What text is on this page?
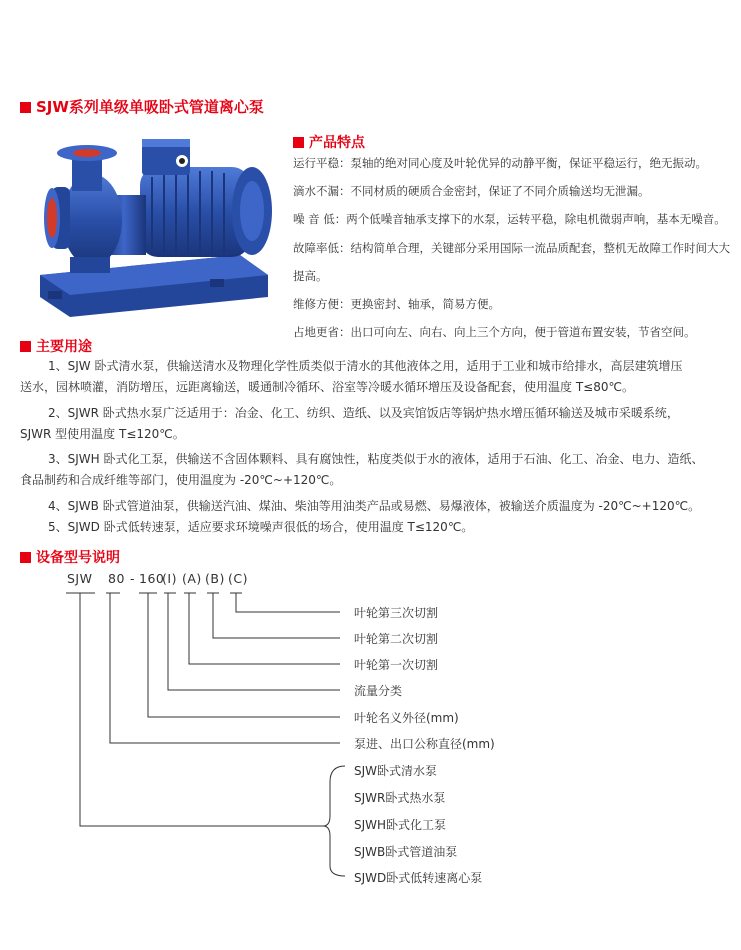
SJW系列单级单吸卧式管道离心泵
产品特点
运行平稳：泵轴的绝对同心度及叶轮优异的动静平衡，保证平稳运行，绝无振动。
滴水不漏：不同材质的硬质合金密封，保证了不同介质输送均无泄漏。
噪 音 低：两个低噪音轴承支撑下的水泵，运转平稳，除电机微弱声响，基本无噪音。
故障率低：结构简单合理，关键部分采用国际一流品质配套，整机无故障工作时间大大
提高。
维修方便：更换密封、轴承，简易方便。
占地更省：出口可向左、向右、向上三个方向，便于管道布置安装，节省空间。
主要用途
1、SJW 卧式清水泵，供输送清水及物理化学性质类似于清水的其他液体之用，适用于工业和城市给排水，高层建筑增压
送水，园林喷灌，消防增压，远距离输送，暖通制冷循环、浴室等冷暖水循环增压及设备配套，使用温度 T≤80℃。
2、SJWR 卧式热水泵广泛适用于：冶金、化工、纺织、造纸、以及宾馆饭店等锅炉热水增压循环输送及城市采暖系统，
SJWR 型使用温度 T≤120℃。
3、SJWH 卧式化工泵，供输送不含固体颗料、具有腐蚀性，粘度类似于水的液体，适用于石油、化工、冶金、电力、造纸、
食品制药和合成纤维等部门，使用温度为 -20℃~+120℃。
4、SJWB 卧式管道油泵，供输送汽油、煤油、柴油等用油类产品或易燃、易爆液体，被输送介质温度为 -20℃~+120℃。
5、SJWD 卧式低转速泵，适应要求环境噪声很低的场合，使用温度 T≤120℃。
设备型号说明
SJW 80 - 160
(I) (A) (B) (C)
叶轮第三次切割
叶轮第二次切割
叶轮第一次切割
流量分类
叶轮名义外径(mm)
泵进、出口公称直径(mm)
SJW卧式清水泵
SJWR卧式热水泵
SJWH卧式化工泵
SJWB卧式管道油泵
SJWD卧式低转速离心泵
